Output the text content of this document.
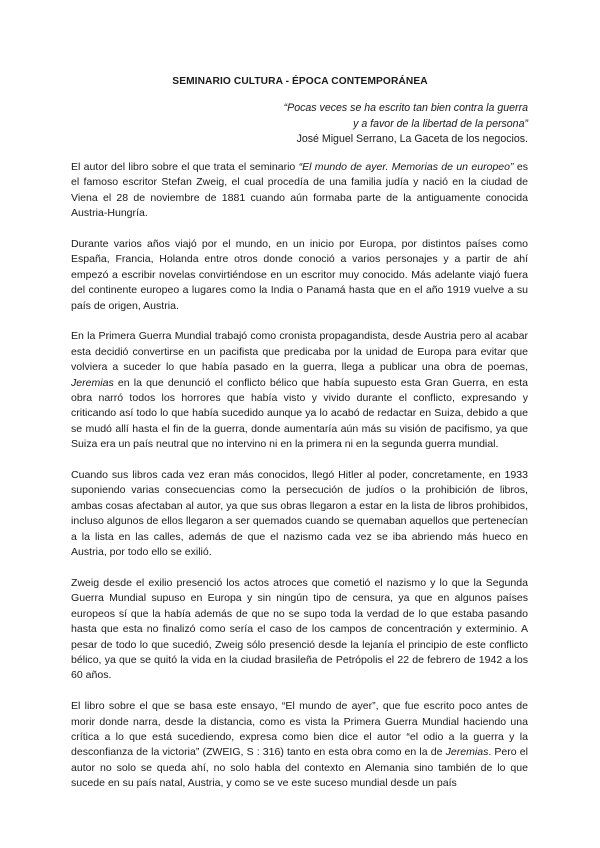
SEMINARIO CULTURA - ÉPOCA CONTEMPORÁNEA
“Pocas veces se ha escrito tan bien contra la guerra
y a favor de la libertad de la persona”
José Miguel Serrano, La Gaceta de los negocios.

El autor del libro sobre el que trata el seminario “El mundo de ayer. Memorias de un europeo” es el famoso escritor Stefan Zweig, el cual procedía de una familia judía y nació en la ciudad de Viena el 28 de noviembre de 1881 cuando aún formaba parte de la antiguamente conocida Austria-Hungría.

Durante varios años viajó por el mundo, en un inicio por Europa, por distintos países como España, Francia, Holanda entre otros donde conoció a varios personajes y a partir de ahí empezó a escribir novelas convirtiéndose en un escritor muy conocido. Más adelante viajó fuera del continente europeo a lugares como la India o Panamá hasta que en el año 1919 vuelve a su país de origen, Austria.

En la Primera Guerra Mundial trabajó como cronista propagandista, desde Austria pero al acabar esta decidió convertirse en un pacifista que predicaba por la unidad de Europa para evitar que volviera a suceder lo que había pasado en la guerra, llega a publicar una obra de poemas, Jeremias en la que denunció el conflicto bélico que había supuesto esta Gran Guerra, en esta obra narró todos los horrores que había visto y vivido durante el conflicto, expresando y criticando así todo lo que había sucedido aunque ya lo acabó de redactar en Suiza, debido a que se mudó allí hasta el fin de la guerra, donde aumentaría aún más su visión de pacifismo, ya que Suiza era un país neutral que no intervino ni en la primera ni en la segunda guerra mundial.

Cuando sus libros cada vez eran más conocidos, llegó Hitler al poder, concretamente, en 1933 suponiendo varias consecuencias como la persecución de judíos o la prohibición de libros, ambas cosas afectaban al autor, ya que sus obras llegaron a estar en la lista de libros prohibidos, incluso algunos de ellos llegaron a ser quemados cuando se quemaban aquellos que pertenecían a la lista en las calles, además de que el nazismo cada vez se iba abriendo más hueco en Austria, por todo ello se exilió.

Zweig desde el exilio presenció los actos atroces que cometió el nazismo y lo que la Segunda Guerra Mundial supuso en Europa y sin ningún tipo de censura, ya que en algunos países europeos sí que la había además de que no se supo toda la verdad de lo que estaba pasando hasta que esta no finalizó como sería el caso de los campos de concentración y exterminio. A pesar de todo lo que sucedió, Zweig sólo presenció desde la lejanía el principio de este conflicto bélico, ya que se quitó la vida en la ciudad brasileña de Petrópolis el 22 de febrero de 1942 a los 60 años.

El libro sobre el que se basa este ensayo, “El mundo de ayer”, que fue escrito poco antes de morir donde narra, desde la distancia, como es vista la Primera Guerra Mundial haciendo una crítica a lo que está sucediendo, expresa como bien dice el autor “el odio a la guerra y la desconfianza de la victoria” (ZWEIG, S : 316) tanto en esta obra como en la de Jeremias. Pero el autor no solo se queda ahí, no solo habla del contexto en Alemania sino también de lo que sucede en su país natal, Austria, y como se ve este suceso mundial desde un país
